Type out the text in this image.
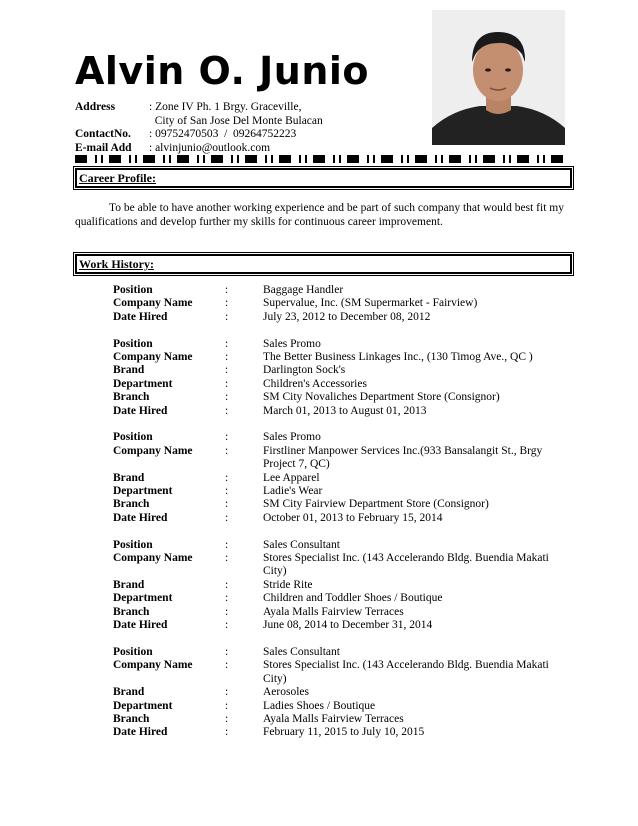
Alvin O. Junio
Address	: Zone IV Ph. 1 Brgy. Graceville,
City of San Jose Del Monte Bulacan
ContactNo.	: 09752470503  /  09264752223
E-mail Add	: alvinjunio@outlook.com
Career Profile:
To be able to have another working experience and be part of such company that would best fit my qualifications and develop further my skills for continuous career improvement.
Work History:
Position	:	Baggage Handler
Company Name	:	Supervalue, Inc. (SM Supermarket - Fairview)
Date Hired	:	July 23, 2012 to December 08, 2012
Position	:	Sales Promo
Company Name	:	The Better Business Linkages Inc., (130 Timog Ave., QC )
Brand	:	Darlington Sock's
Department	:	Children's Accessories
Branch	:	SM City Novaliches Department Store (Consignor)
Date Hired	:	March 01, 2013 to August 01, 2013
Position	:	Sales Promo
Company Name	:	Firstliner Manpower Services Inc.(933 Bansalangit St., Brgy Project 7, QC)
Brand	:	Lee Apparel
Department	:	Ladie's Wear
Branch	:	SM City Fairview Department Store (Consignor)
Date Hired	:	October 01, 2013 to February 15, 2014
Position	:	Sales Consultant
Company Name	:	Stores Specialist Inc. (143 Accelerando Bldg. Buendia Makati City)
Brand	:	Stride Rite
Department	:	Children and Toddler Shoes / Boutique
Branch	:	Ayala Malls Fairview Terraces
Date Hired	:	June 08, 2014 to December 31, 2014
Position	:	Sales Consultant
Company Name	:	Stores Specialist Inc. (143 Accelerando Bldg. Buendia Makati City)
Brand	:	Aerosoles
Department	:	Ladies Shoes / Boutique
Branch	:	Ayala Malls Fairview Terraces
Date Hired	:	February 11, 2015 to July 10, 2015
